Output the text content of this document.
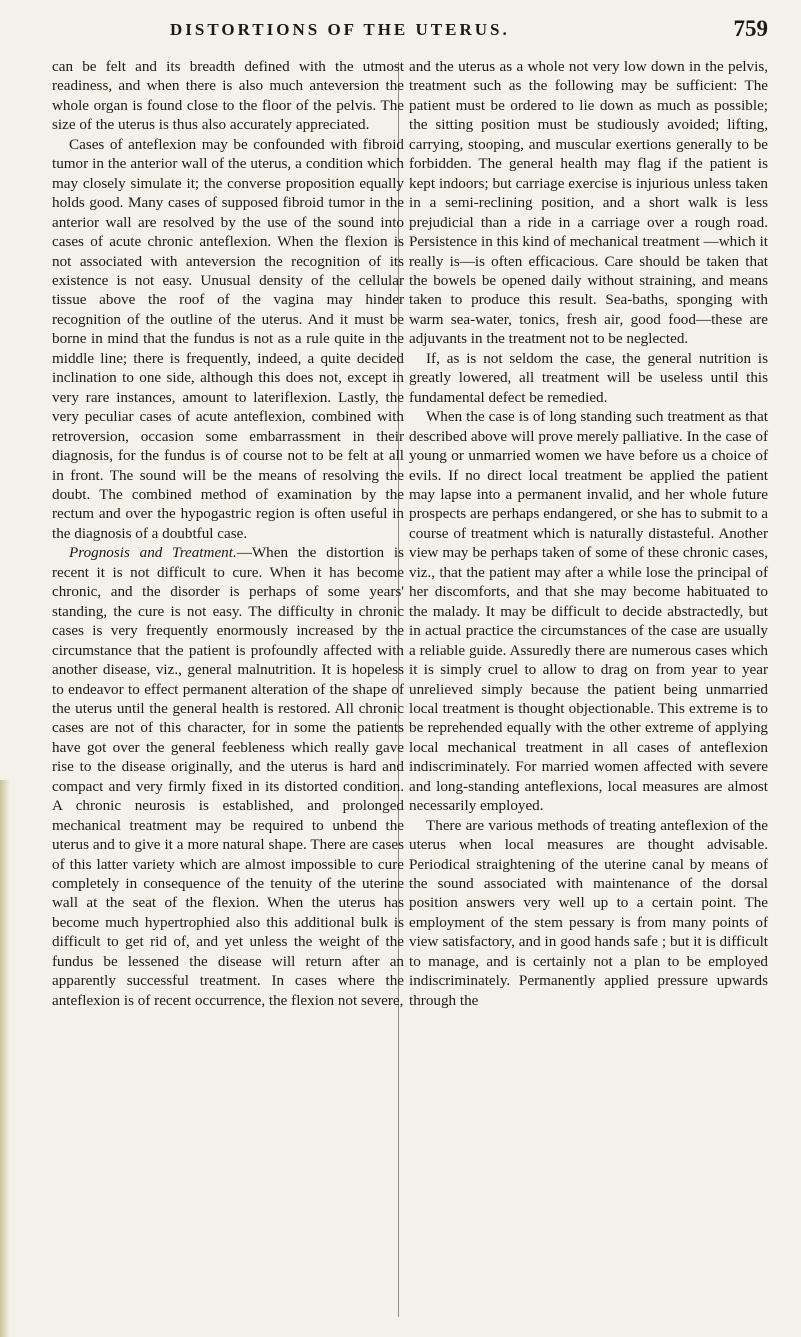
DISTORTIONS OF THE UTERUS.	759

can be felt and its breadth defined with the utmost readiness, and when there is also much anteversion the whole organ is found close to the floor of the pelvis. The size of the uterus is thus also accurately appreciated.

Cases of anteflexion may be confounded with fibroid tumor in the anterior wall of the uterus, a condition which may closely simulate it; the converse proposition equally holds good. Many cases of supposed fibroid tumor in the anterior wall are resolved by the use of the sound into cases of acute chronic anteflexion. When the flexion is not associated with anteversion the recognition of its existence is not easy. Unusual density of the cellular tissue above the roof of the vagina may hinder recognition of the outline of the uterus. And it must be borne in mind that the fundus is not as a rule quite in the middle line; there is frequently, indeed, a quite decided inclination to one side, although this does not, except in very rare instances, amount to lateriflexion. Lastly, the very peculiar cases of acute anteflexion, combined with retroversion, occasion some embarrassment in their diagnosis, for the fundus is of course not to be felt at all in front. The sound will be the means of resolving the doubt. The combined method of examination by the rectum and over the hypogastric region is often useful in the diagnosis of a doubtful case.

Prognosis and Treatment.—When the distortion is recent it is not difficult to cure. When it has become chronic, and the disorder is perhaps of some years' standing, the cure is not easy. The difficulty in chronic cases is very frequently enormously increased by the circumstance that the patient is profoundly affected with another disease, viz., general malnutrition. It is hopeless to endeavor to effect permanent alteration of the shape of the uterus until the general health is restored. All chronic cases are not of this character, for in some the patients have got over the general feebleness which really gave rise to the disease originally, and the uterus is hard and compact and very firmly fixed in its distorted condition. A chronic neurosis is established, and prolonged mechanical treatment may be required to unbend the uterus and to give it a more natural shape. There are cases of this latter variety which are almost impossible to cure completely in consequence of the tenuity of the uterine wall at the seat of the flexion. When the uterus has become much hypertrophied also this additional bulk is difficult to get rid of, and yet unless the weight of the fundus be lessened the disease will return after an apparently successful treatment. In cases where the anteflexion is of recent occurrence, the flexion not severe,

and the uterus as a whole not very low down in the pelvis, treatment such as the following may be sufficient: The patient must be ordered to lie down as much as possible; the sitting position must be studiously avoided; lifting, carrying, stooping, and muscular exertions generally to be forbidden. The general health may flag if the patient is kept indoors; but carriage exercise is injurious unless taken in a semi-reclining position, and a short walk is less prejudicial than a ride in a carriage over a rough road. Persistence in this kind of mechanical treatment —which it really is—is often efficacious. Care should be taken that the bowels be opened daily without straining, and means taken to produce this result. Sea-baths, sponging with warm sea-water, tonics, fresh air, good food—these are adjuvants in the treatment not to be neglected.

If, as is not seldom the case, the general nutrition is greatly lowered, all treatment will be useless until this fundamental defect be remedied.

When the case is of long standing such treatment as that described above will prove merely palliative. In the case of young or unmarried women we have before us a choice of evils. If no direct local treatment be applied the patient may lapse into a permanent invalid, and her whole future prospects are perhaps endangered, or she has to submit to a course of treatment which is naturally distasteful. Another view may be perhaps taken of some of these chronic cases, viz., that the patient may after a while lose the principal of her discomforts, and that she may become habituated to the malady. It may be difficult to decide abstractedly, but in actual practice the circumstances of the case are usually a reliable guide. Assuredly there are numerous cases which it is simply cruel to allow to drag on from year to year unrelieved simply because the patient being unmarried local treatment is thought objectionable. This extreme is to be reprehended equally with the other extreme of applying local mechanical treatment in all cases of anteflexion indiscriminately. For married women affected with severe and long-standing anteflexions, local measures are almost necessarily employed.

There are various methods of treating anteflexion of the uterus when local measures are thought advisable. Periodical straightening of the uterine canal by means of the sound associated with maintenance of the dorsal position answers very well up to a certain point. The employment of the stem pessary is from many points of view satisfactory, and in good hands safe ; but it is difficult to manage, and is certainly not a plan to be employed indiscriminately. Permanently applied pressure upwards through the
